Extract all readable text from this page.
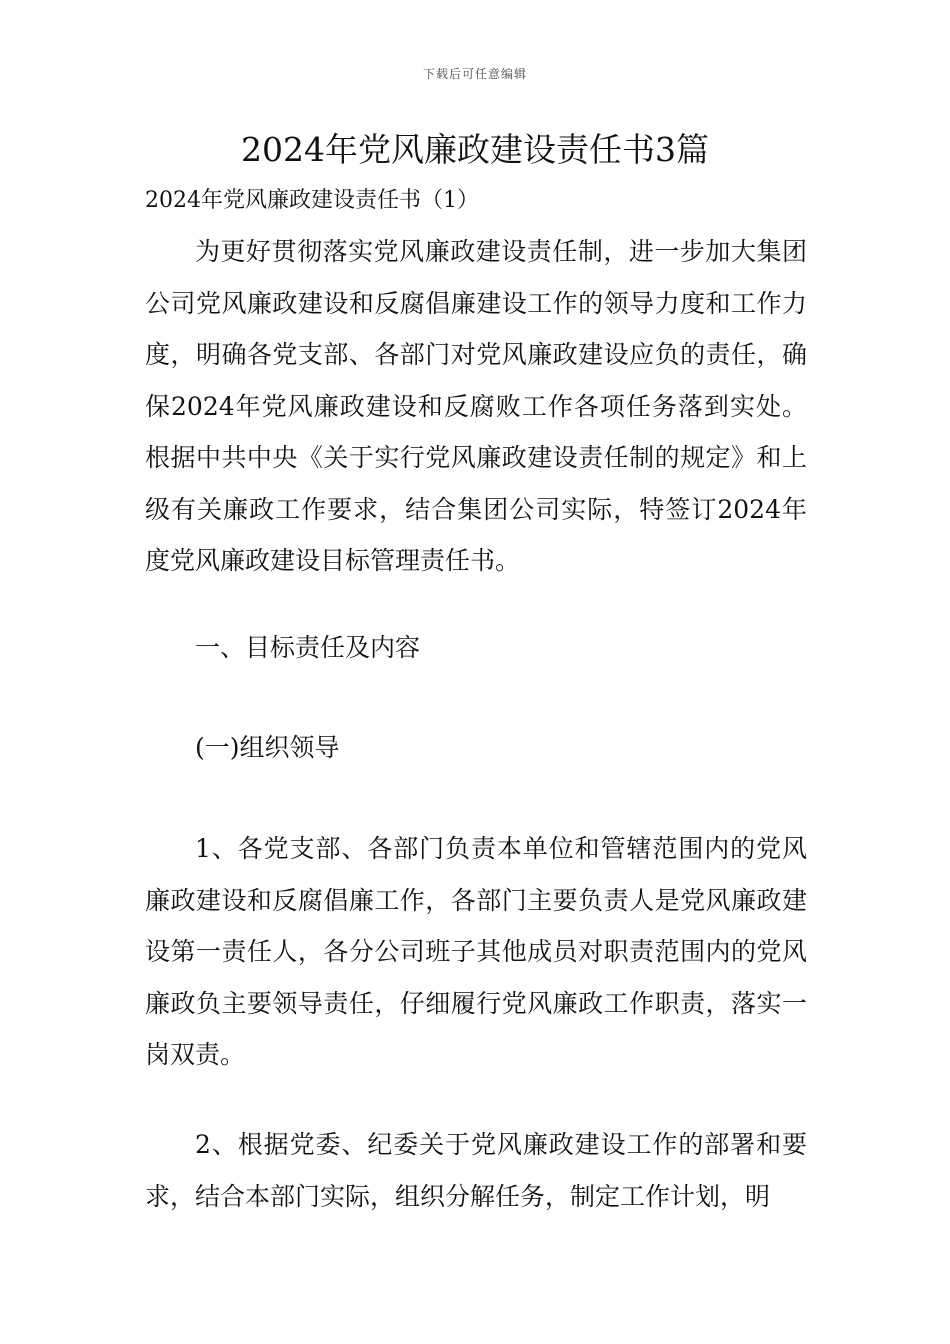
下载后可任意编辑
2024年党风廉政建设责任书3篇

2024年党风廉政建设责任书（1）

为更好贯彻落实党风廉政建设责任制，进一步加大集团公司党风廉政建设和反腐倡廉建设工作的领导力度和工作力度，明确各党支部、各部门对党风廉政建设应负的责任，确保2024年党风廉政建设和反腐败工作各项任务落到实处。根据中共中央《关于实行党风廉政建设责任制的规定》和上级有关廉政工作要求，结合集团公司实际，特签订2024年度党风廉政建设目标管理责任书。

一、目标责任及内容

(一)组织领导

1、各党支部、各部门负责本单位和管辖范围内的党风廉政建设和反腐倡廉工作，各部门主要负责人是党风廉政建设第一责任人，各分公司班子其他成员对职责范围内的党风廉政负主要领导责任，仔细履行党风廉政工作职责，落实一岗双责。

2、根据党委、纪委关于党风廉政建设工作的部署和要求，结合本部门实际，组织分解任务，制定工作计划，明
